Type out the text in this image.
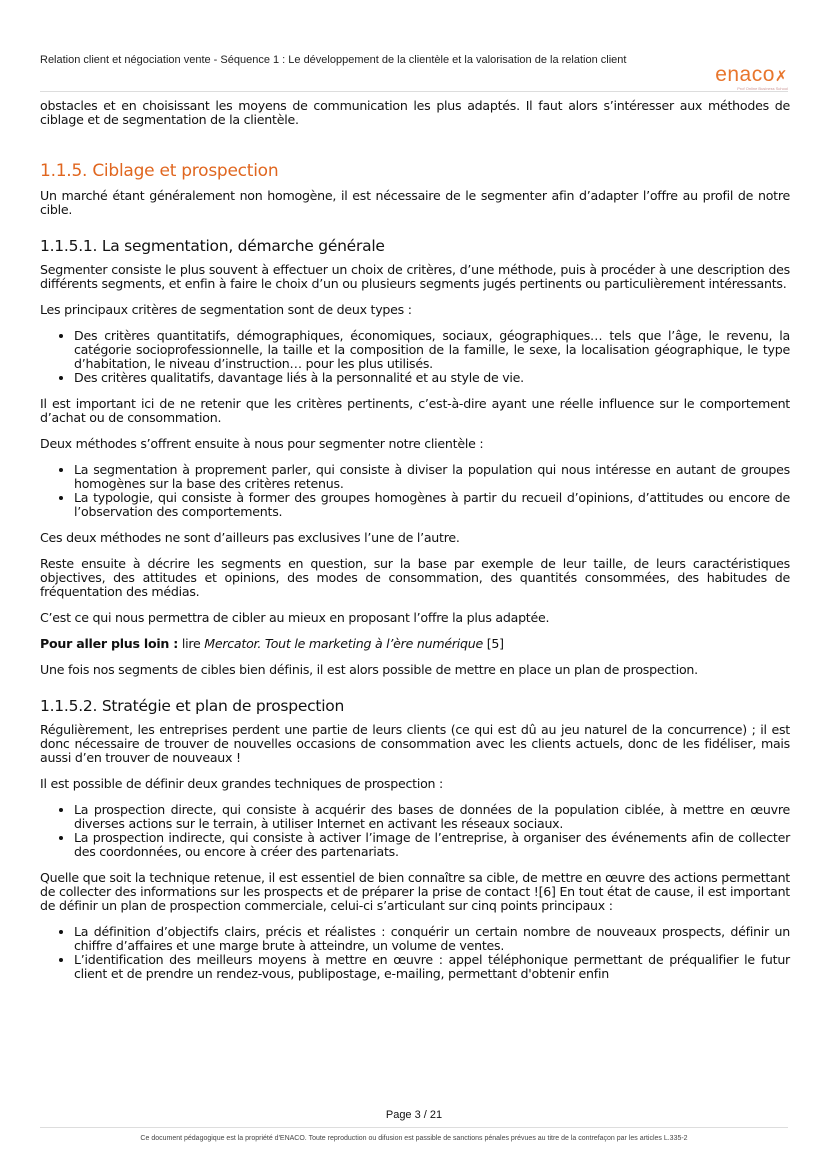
Relation client et négociation vente - Séquence 1 : Le développement de la clientèle et la valorisation de la relation client
enaco✗
Prof Online Business School

obstacles et en choisissant les moyens de communication les plus adaptés. Il faut alors s’intéresser aux méthodes de ciblage et de segmentation de la clientèle.

1.1.5. Ciblage et prospection

Un marché étant généralement non homogène, il est nécessaire de le segmenter afin d’adapter l’offre au profil de notre cible.

1.1.5.1. La segmentation, démarche générale

Segmenter consiste le plus souvent à effectuer un choix de critères, d’une méthode, puis à procéder à une description des différents segments, et enfin à faire le choix d’un ou plusieurs segments jugés pertinents ou particulièrement intéressants.

Les principaux critères de segmentation sont de deux types :

• Des critères quantitatifs, démographiques, économiques, sociaux, géographiques… tels que l’âge, le revenu, la catégorie socioprofessionnelle, la taille et la composition de la famille, le sexe, la localisation géographique, le type d’habitation, le niveau d’instruction… pour les plus utilisés.
• Des critères qualitatifs, davantage liés à la personnalité et au style de vie.

Il est important ici de ne retenir que les critères pertinents, c’est-à-dire ayant une réelle influence sur le comportement d’achat ou de consommation.

Deux méthodes s’offrent ensuite à nous pour segmenter notre clientèle :

• La segmentation à proprement parler, qui consiste à diviser la population qui nous intéresse en autant de groupes homogènes sur la base des critères retenus.
• La typologie, qui consiste à former des groupes homogènes à partir du recueil d’opinions, d’attitudes ou encore de l’observation des comportements.

Ces deux méthodes ne sont d’ailleurs pas exclusives l’une de l’autre.

Reste ensuite à décrire les segments en question, sur la base par exemple de leur taille, de leurs caractéristiques objectives, des attitudes et opinions, des modes de consommation, des quantités consommées, des habitudes de fréquentation des médias.

C’est ce qui nous permettra de cibler au mieux en proposant l’offre la plus adaptée.

Pour aller plus loin : lire Mercator. Tout le marketing à l’ère numérique [5]

Une fois nos segments de cibles bien définis, il est alors possible de mettre en place un plan de prospection.

1.1.5.2. Stratégie et plan de prospection

Régulièrement, les entreprises perdent une partie de leurs clients (ce qui est dû au jeu naturel de la concurrence) ; il est donc nécessaire de trouver de nouvelles occasions de consommation avec les clients actuels, donc de les fidéliser, mais aussi d’en trouver de nouveaux !

Il est possible de définir deux grandes techniques de prospection :

• La prospection directe, qui consiste à acquérir des bases de données de la population ciblée, à mettre en œuvre diverses actions sur le terrain, à utiliser Internet en activant les réseaux sociaux.
• La prospection indirecte, qui consiste à activer l’image de l’entreprise, à organiser des événements afin de collecter des coordonnées, ou encore à créer des partenariats.

Quelle que soit la technique retenue, il est essentiel de bien connaître sa cible, de mettre en œuvre des actions permettant de collecter des informations sur les prospects et de préparer la prise de contact ![6] En tout état de cause, il est important de définir un plan de prospection commerciale, celui-ci s’articulant sur cinq points principaux :

• La définition d’objectifs clairs, précis et réalistes : conquérir un certain nombre de nouveaux prospects, définir un chiffre d’affaires et une marge brute à atteindre, un volume de ventes.
• L’identification des meilleurs moyens à mettre en œuvre : appel téléphonique permettant de préqualifier le futur client et de prendre un rendez-vous, publipostage, e-mailing, permettant d'obtenir enfin
Page 3 / 21
Ce document pédagogique est la propriété d'ENACO. Toute reproduction ou difusion est passible de sanctions pénales prévues au titre de la contrefaçon par les articles L.335-2
